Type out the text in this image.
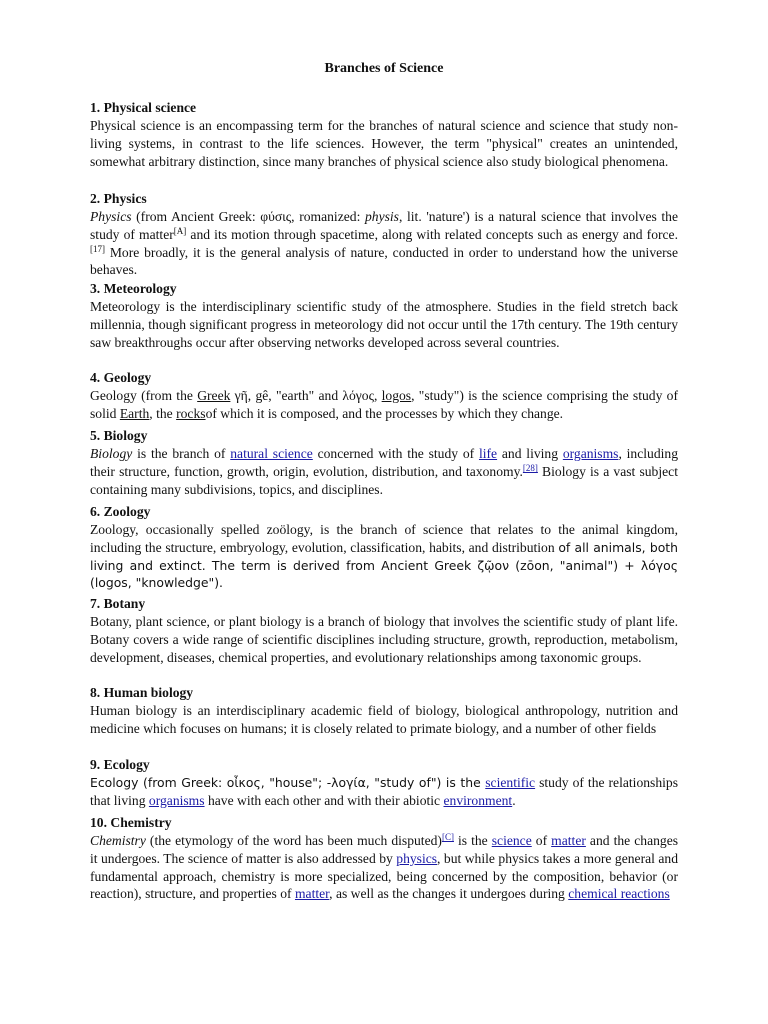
Branches of Science
1. Physical science

Physical science is an encompassing term for the branches of natural science and science that study non-living systems, in contrast to the life sciences. However, the term "physical" creates an unintended, somewhat arbitrary distinction, since many branches of physical science also study biological phenomena.

2. Physics

Physics (from Ancient Greek: φύσις, romanized: physis, lit. 'nature') is a natural science that involves the study of matter[A] and its motion through spacetime, along with related concepts such as energy and force.[17] More broadly, it is the general analysis of nature, conducted in order to understand how the universe behaves.

3. Meteorology

Meteorology is the interdisciplinary scientific study of the atmosphere. Studies in the field stretch back millennia, though significant progress in meteorology did not occur until the 17th century. The 19th century saw breakthroughs occur after observing networks developed across several countries.

4. Geology

Geology (from the Greek γῆ, gê, "earth" and λόγος, logos, "study") is the science comprising the study of solid Earth, the rocksof which it is composed, and the processes by which they change.

5. Biology

Biology is the branch of natural science concerned with the study of life and living organisms, including their structure, function, growth, origin, evolution, distribution, and taxonomy.[28] Biology is a vast subject containing many subdivisions, topics, and disciplines.

6. Zoology

Zoology, occasionally spelled zoölogy, is the branch of science that relates to the animal kingdom, including the structure, embryology, evolution, classification, habits, and distribution of all animals, both living and extinct. The term is derived from Ancient Greek ζῷον (zōon, "animal") + λόγος (logos, "knowledge").

7. Botany

Botany, plant science, or plant biology is a branch of biology that involves the scientific study of plant life. Botany covers a wide range of scientific disciplines including structure, growth, reproduction, metabolism, development, diseases, chemical properties, and evolutionary relationships among taxonomic groups.

8. Human biology

Human biology is an interdisciplinary academic field of biology, biological anthropology, nutrition and medicine which focuses on humans; it is closely related to primate biology, and a number of other fields

9. Ecology

Ecology (from Greek: οἶκος, "house"; -λογία, "study of") is the scientific study of the relationships that living organisms have with each other and with their abiotic environment.

10. Chemistry

Chemistry (the etymology of the word has been much disputed)[C] is the science of matter and the changes it undergoes. The science of matter is also addressed by physics, but while physics takes a more general and fundamental approach, chemistry is more specialized, being concerned by the composition, behavior (or reaction), structure, and properties of matter, as well as the changes it undergoes during chemical reactions
